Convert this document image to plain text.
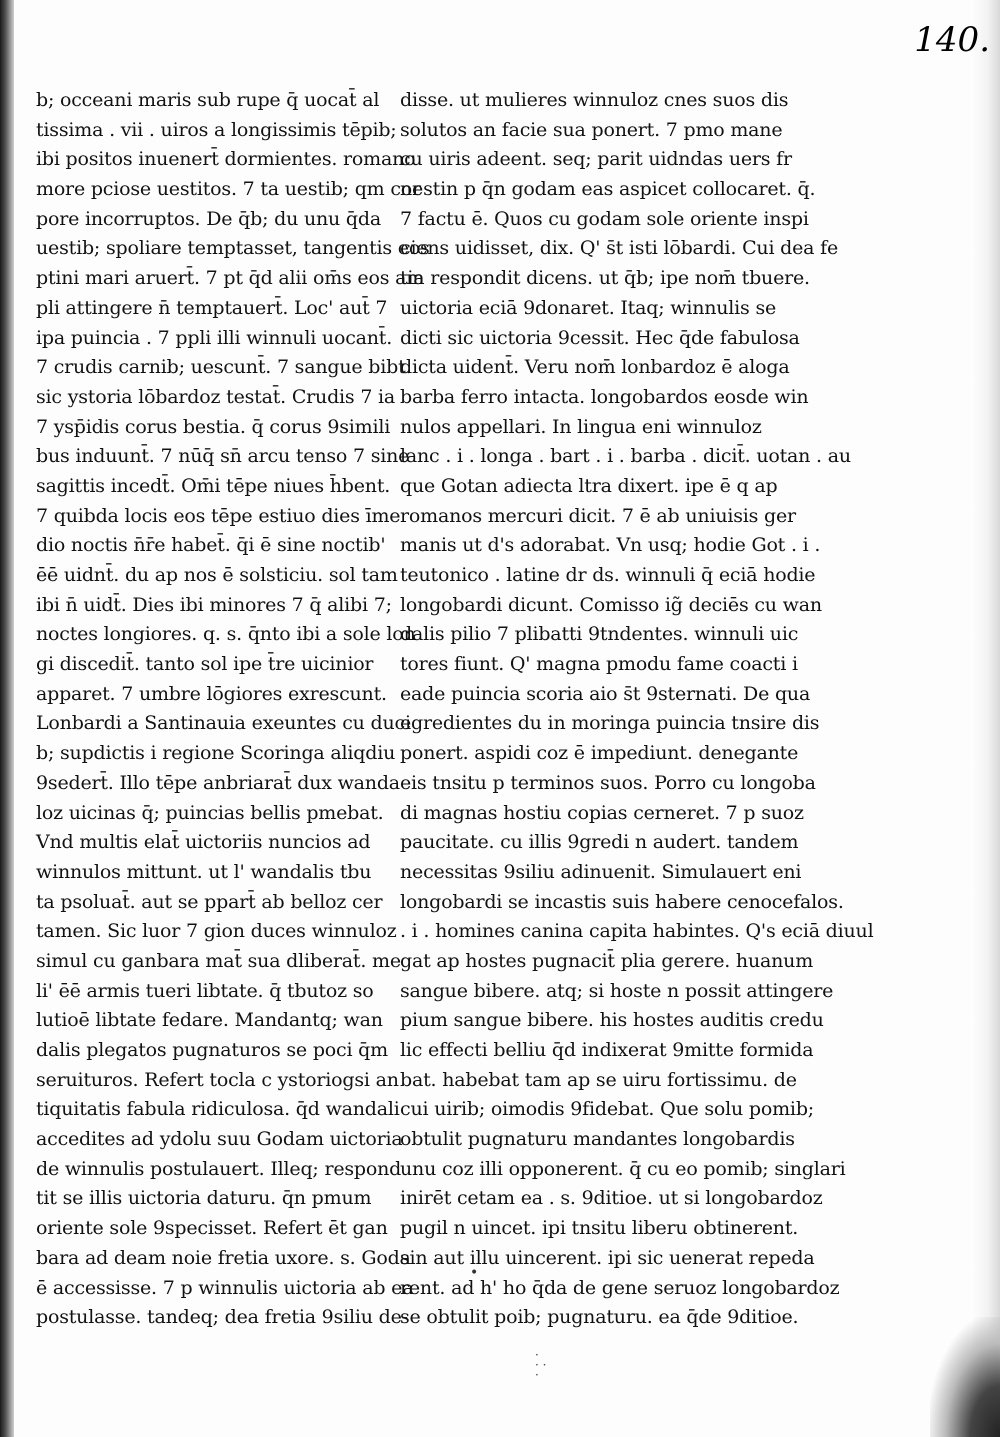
140.
b; occeani maris sub rupe q̄ uocat̄ al
tissima . vii . uiros a longissimis tēpib;
ibi positos inuenert̄ dormientes. romano
more pciose uestitos. 7 ta uestib; qm cor
pore incorruptos. De q̄b; du unu q̄da
uestib; spoliare temptasset, tangentis eos
ptini mari aruert̄. 7 pt q̄d alii om̄s eos am
pli attingere n̄ temptauert̄. Loc' aut̄ 7
ipa puincia . 7 ppli illi winnuli uocant̄.
7 crudis carnib; uescunt̄. 7 sangue bibt.
sic ystoria lōbardoz testat̄. Crudis 7 ia
7 ysp̄idis corus bestia. q̄ corus 9simili
bus induunt̄. 7 nūq̄ sn̄ arcu tenso 7 sine
sagittis incedt̄. Om̄i tēpe niues h̄bent.
7 quibda locis eos tēpe estiuo dies īme
dio noctis n̄r̄e habet̄. q̄i ē sine noctib'
ēē uidnt̄. du ap nos ē solsticiu. sol tam
ibi n̄ uidt̄. Dies ibi minores 7 q̄ alibi 7;
noctes longiores. q. s. q̄nto ibi a sole lon
gi discedit̄. tanto sol ipe t̄re uicinior
apparet. 7 umbre lōgiores exrescunt.
Lonbardi a Santinauia exeuntes cu duci
b; supdictis i regione Scoringa aliqdiu
9sedert̄. Illo tēpe anbriarat̄ dux wanda
loz uicinas q̄; puincias bellis pmebat.
Vnd multis elat̄ uictoriis nuncios ad
winnulos mittunt. ut l' wandalis tbu
ta psoluat̄. aut se ppart̄ ab belloz cer
tamen. Sic luor 7 gion duces winnuloz
simul cu ganbara mat̄ sua dliberat̄. me
li' ēē armis tueri libtate. q̄ tbutoz so
lutioē libtate fedare. Mandantq; wan
dalis plegatos pugnaturos se poci q̄m
seruituros. Refert tocla c ystoriogsi an
tiquitatis fabula ridiculosa. q̄d wandali
accedites ad ydolu suu Godam uictoria
de winnulis postulauert. Illeq; respond
tit se illis uictoria daturu. q̄n pmum
oriente sole 9specisset. Refert ēt gan
bara ad deam noie fretia uxore. s. Goda
ē accessisse. 7 p winnulis uictoria ab ea
postulasse. tandeq; dea fretia 9siliu de-
disse. ut mulieres winnuloz cnes suos dis
solutos an facie sua ponert. 7 pmo mane
cu uiris adeent. seq; parit uidndas uers fr
nestin p q̄n godam eas aspicet collocaret. q̄.
7 factu ē. Quos cu godam sole oriente inspi
ciens uidisset, dix. Q' s̄t isti lōbardi. Cui dea fe
tia respondit dicens. ut q̄b; ipe nom̄ tbuere.
uictoria eciā 9donaret. Itaq; winnulis se
dicti sic uictoria 9cessit. Hec q̄de fabulosa
dicta uident̄. Veru nom̄ lonbardoz ē aloga
barba ferro intacta. longobardos eosde win
nulos appellari. In lingua eni winnuloz
lanc . i . longa . bart . i . barba . dicit̄. uotan . au
que Gotan adiecta ltra dixert. ipe ē q ap
romanos mercuri dicit. 7 ē ab uniuisis ger
manis ut d's adorabat. Vn usq; hodie Got . i .
teutonico . latine dr ds. winnuli q̄ eciā hodie
longobardi dicunt. Comisso ig̃ deciēs cu wan
dalis pilio 7 plibatti 9tndentes. winnuli uic
tores fiunt. Q' magna pmodu fame coacti i
eade puincia scoria aio s̄t 9sternati. De qua
egredientes du in moringa puincia tnsire dis
ponert. aspidi coz ē impediunt. denegante
eis tnsitu p terminos suos. Porro cu longoba
di magnas hostiu copias cerneret. 7 p suoz
paucitate. cu illis 9gredi n audert. tandem
necessitas 9siliu adinuenit. Simulauert eni
longobardi se incastis suis habere cenocefalos.
. i . homines canina capita habintes. Q's eciā diuul
gat ap hostes pugnacit̄ plia gerere. huanum
sangue bibere. atq; si hoste n possit attingere
pium sangue bibere. his hostes auditis credu
lic effecti belliu q̄d indixerat 9mitte formida
bat. habebat tam ap se uiru fortissimu. de
cui uirib; oimodis 9fidebat. Que solu pomib;
obtulit pugnaturu mandantes longobardis
unu coz illi opponerent. q̄ cu eo pomib; singlari
inirēt cetam ea . s. 9ditioe. ut si longobardoz
pugil n uincet. ipi tnsitu liberu obtinerent.
sin aut illu uincerent. ipi sic uenerat repeda
rent. ad h' ho q̄da de gene seruoz longobardoz
se obtulit poib; pugnaturu. ea q̄de 9ditioe.
•
·
· ·
·
